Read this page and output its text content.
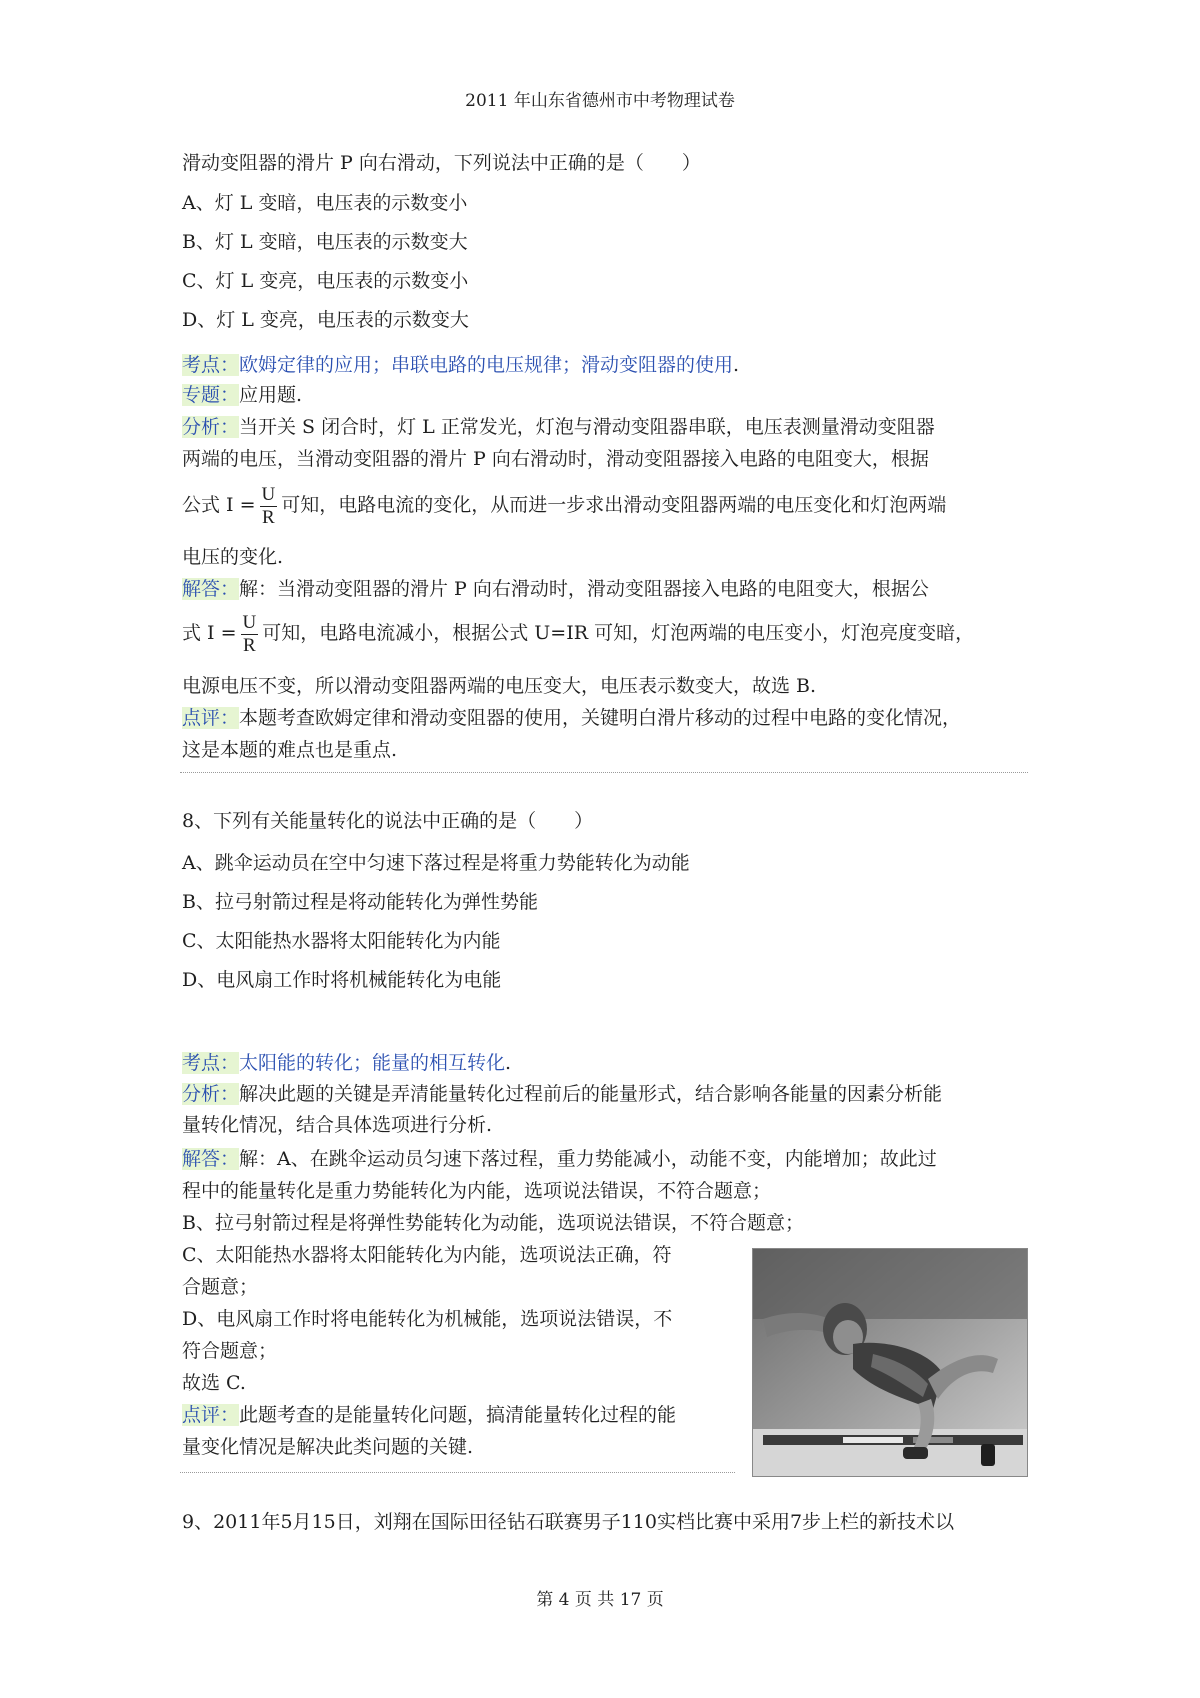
2011 年山东省德州市中考物理试卷
滑动变阻器的滑片 P 向右滑动，下列说法中正确的是（　　）
A、灯 L 变暗，电压表的示数变小
B、灯 L 变暗，电压表的示数变大
C、灯 L 变亮，电压表的示数变小
D、灯 L 变亮，电压表的示数变大
考点：欧姆定律的应用；串联电路的电压规律；滑动变阻器的使用.
专题：应用题.
分析：当开关 S 闭合时，灯 L 正常发光，灯泡与滑动变阻器串联，电压表测量滑动变阻器
两端的电压，当滑动变阻器的滑片 P 向右滑动时，滑动变阻器接入电路的电阻变大，根据
公式 $I = \frac{U}{R}$ 可知，电路电流的变化，从而进一步求出滑动变阻器两端的电压变化和灯泡两端
电压的变化.
解答：解：当滑动变阻器的滑片 P 向右滑动时，滑动变阻器接入电路的电阻变大，根据公
式 $I = \frac{U}{R}$ 可知，电路电流减小，根据公式 U=IR 可知，灯泡两端的电压变小，灯泡亮度变暗，
电源电压不变，所以滑动变阻器两端的电压变大，电压表示数变大，故选 B.
点评：本题考查欧姆定律和滑动变阻器的使用，关键明白滑片移动的过程中电路的变化情况，
这是本题的难点也是重点.
8、下列有关能量转化的说法中正确的是（　　）
A、跳伞运动员在空中匀速下落过程是将重力势能转化为动能
B、拉弓射箭过程是将动能转化为弹性势能
C、太阳能热水器将太阳能转化为内能
D、电风扇工作时将机械能转化为电能
考点：太阳能的转化；能量的相互转化.
分析：解决此题的关键是弄清能量转化过程前后的能量形式，结合影响各能量的因素分析能
量转化情况，结合具体选项进行分析.
解答：解：A、在跳伞运动员匀速下落过程，重力势能减小，动能不变，内能增加；故此过
程中的能量转化是重力势能转化为内能，选项说法错误，不符合题意；
B、拉弓射箭过程是将弹性势能转化为动能，选项说法错误，不符合题意；
C、太阳能热水器将太阳能转化为内能，选项说法正确，符
合题意；
D、电风扇工作时将电能转化为机械能，选项说法错误，不
符合题意；
故选 C.
点评：此题考查的是能量转化问题，搞清能量转化过程的能
量变化情况是解决此类问题的关键.
9、2011年5月15日，刘翔在国际田径钻石联赛男子110实档比赛中采用7步上栏的新技术以
第 4 页 共 17 页
